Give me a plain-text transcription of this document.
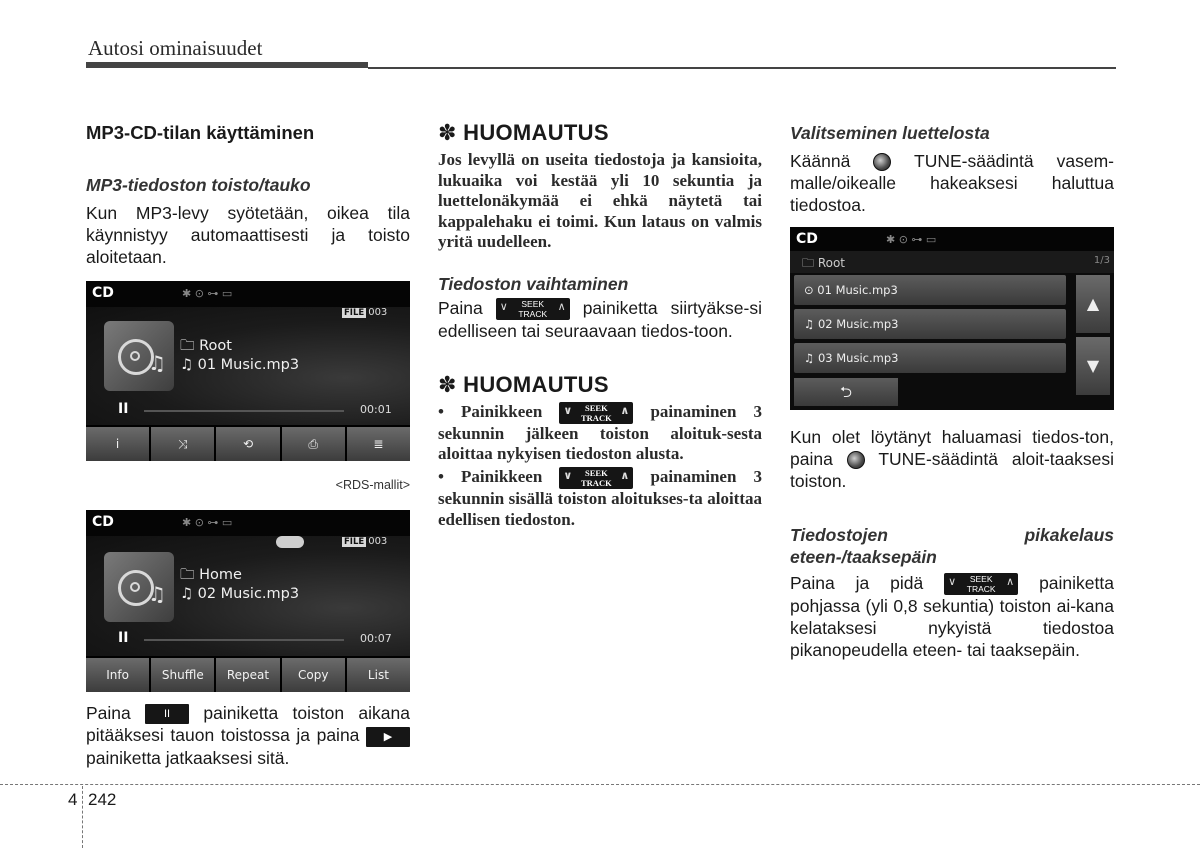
Autosi ominaisuudet
MP3-CD-tilan käyttäminen
MP3-tiedoston toisto/tauko
Kun MP3-levy syötetään, oikea tila käynnistyy automaattisesti ja toisto aloitetaan.
CD	✱ ⊙ ⊶ ▭
♫
FILE 003
🗀 Root
♫ 01 Music.mp3
II	00:01
i	⤨	⟲	⎙	≣
<RDS-mallit>
CD	✱ ⊙ ⊶ ▭
♫
FILE 003
🗀 Home
♫ 02 Music.mp3
II	00:07
Info	Shuffle	Repeat	Copy	List
Paina	II painiketta toiston aikana pitääksesi tauon toistossa ja paina ▶ painiketta jatkaaksesi sitä.
✽ HUOMAUTUS
Jos levyllä on useita tiedostoja ja kansioita, lukuaika voi kestää yli 10 sekuntia ja luettelonäkymää ei ehkä näytetä tai kappalehaku ei toimi. Kun lataus on valmis yritä uudelleen.
Tiedoston vaihtaminen
Paina ∨	SEEK
TRACK
∧ painiketta siirtyäkse-si edelliseen tai seuraavaan tiedos-toon.
✽ HUOMAUTUS
• Painikkeen ∨	SEEK
TRACK
∧ painaminen 3 sekunnin jälkeen toiston aloituk-sesta aloittaa nykyisen tiedoston alusta.
• Painikkeen ∨	SEEK
TRACK
∧ painaminen 3 sekunnin sisällä toiston aloitukses-ta aloittaa edellisen tiedoston.
Valitseminen luettelosta
Käännä	TUNE-säädintä vasem-malle/oikealle hakeaksesi haluttua tiedostoa.
CD	✱ ⊙ ⊶ ▭
🗀 Root	1/3
⊙ 01 Music.mp3
♫ 02 Music.mp3
♫ 03 Music.mp3
▲
▼
⮌
Kun olet löytänyt haluamasi tiedos-ton, paina	TUNE-säädintä aloit-taaksesi toiston.
Tiedostojen pikakelaus eteen-/taaksepäin
Paina ja pidä ∨	SEEK
TRACK
∧ painiketta pohjassa (yli 0,8 sekuntia) toiston ai-kana kelataksesi nykyistä tiedostoa pikanopeudella eteen- tai taaksepäin.
4 242
